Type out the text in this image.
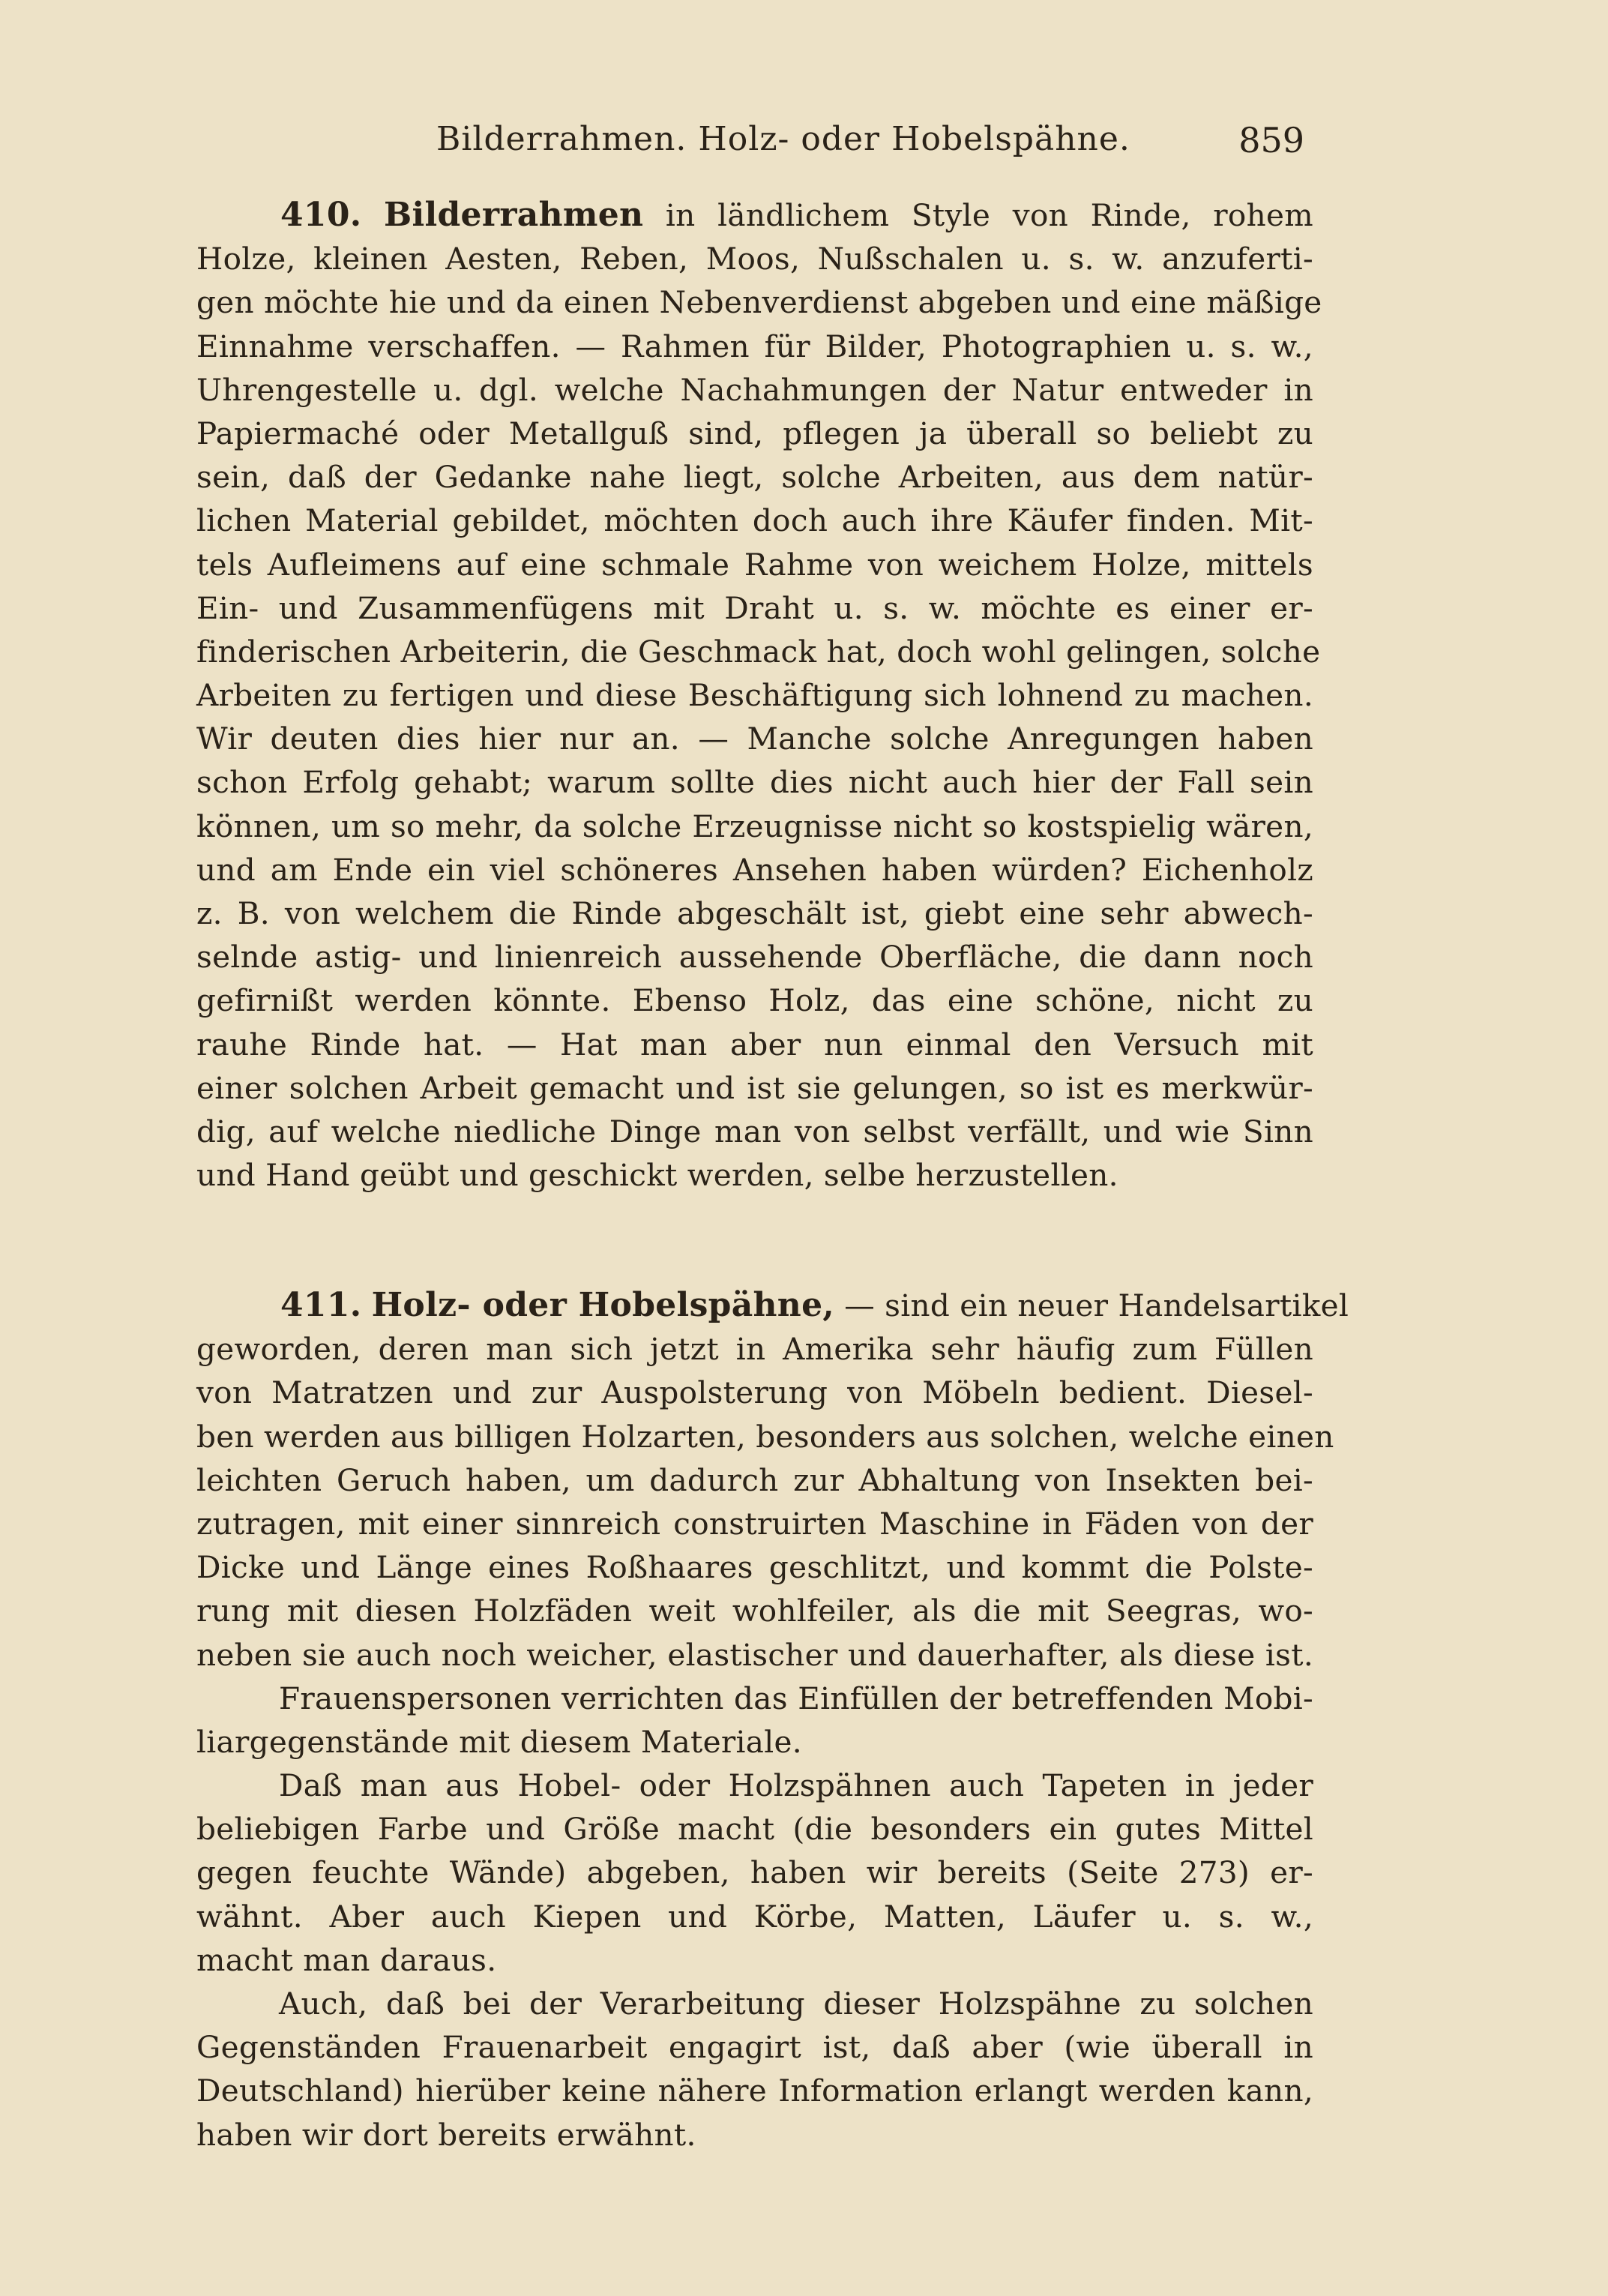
Bilderrahmen. Holz- oder Hobelspähne.	859
410. Bilderrahmen in ländlichem Style von Rinde, rohem
Holze, kleinen Aesten, Reben, Moos, Nußschalen u. s. w. anzuferti-
gen möchte hie und da einen Nebenverdienst abgeben und eine mäßige
Einnahme verschaffen. — Rahmen für Bilder, Photographien u. s. w.,
Uhrengestelle u. dgl. welche Nachahmungen der Natur entweder in
Papiermaché oder Metallguß sind, pflegen ja überall so beliebt zu
sein, daß der Gedanke nahe liegt, solche Arbeiten, aus dem natür-
lichen Material gebildet, möchten doch auch ihre Käufer finden. Mit-
tels Aufleimens auf eine schmale Rahme von weichem Holze, mittels
Ein- und Zusammenfügens mit Draht u. s. w. möchte es einer er-
finderischen Arbeiterin, die Geschmack hat, doch wohl gelingen, solche
Arbeiten zu fertigen und diese Beschäftigung sich lohnend zu machen.
Wir deuten dies hier nur an. — Manche solche Anregungen haben
schon Erfolg gehabt; warum sollte dies nicht auch hier der Fall sein
können, um so mehr, da solche Erzeugnisse nicht so kostspielig wären,
und am Ende ein viel schöneres Ansehen haben würden? Eichenholz
z. B. von welchem die Rinde abgeschält ist, giebt eine sehr abwech-
selnde astig- und linienreich aussehende Oberfläche, die dann noch
gefirnißt werden könnte. Ebenso Holz, das eine schöne, nicht zu
rauhe Rinde hat. — Hat man aber nun einmal den Versuch mit
einer solchen Arbeit gemacht und ist sie gelungen, so ist es merkwür-
dig, auf welche niedliche Dinge man von selbst verfällt, und wie Sinn
und Hand geübt und geschickt werden, selbe herzustellen.
411. Holz- oder Hobelspähne, — sind ein neuer Handelsartikel
geworden, deren man sich jetzt in Amerika sehr häufig zum Füllen
von Matratzen und zur Auspolsterung von Möbeln bedient. Diesel-
ben werden aus billigen Holzarten, besonders aus solchen, welche einen
leichten Geruch haben, um dadurch zur Abhaltung von Insekten bei-
zutragen, mit einer sinnreich construirten Maschine in Fäden von der
Dicke und Länge eines Roßhaares geschlitzt, und kommt die Polste-
rung mit diesen Holzfäden weit wohlfeiler, als die mit Seegras, wo-
neben sie auch noch weicher, elastischer und dauerhafter, als diese ist.
Frauenspersonen verrichten das Einfüllen der betreffenden Mobi-
liargegenstände mit diesem Materiale.
Daß man aus Hobel- oder Holzspähnen auch Tapeten in jeder
beliebigen Farbe und Größe macht (die besonders ein gutes Mittel
gegen feuchte Wände) abgeben, haben wir bereits (Seite 273) er-
wähnt. Aber auch Kiepen und Körbe, Matten, Läufer u. s. w.,
macht man daraus.
Auch, daß bei der Verarbeitung dieser Holzspähne zu solchen
Gegenständen Frauenarbeit engagirt ist, daß aber (wie überall in
Deutschland) hierüber keine nähere Information erlangt werden kann,
haben wir dort bereits erwähnt.
